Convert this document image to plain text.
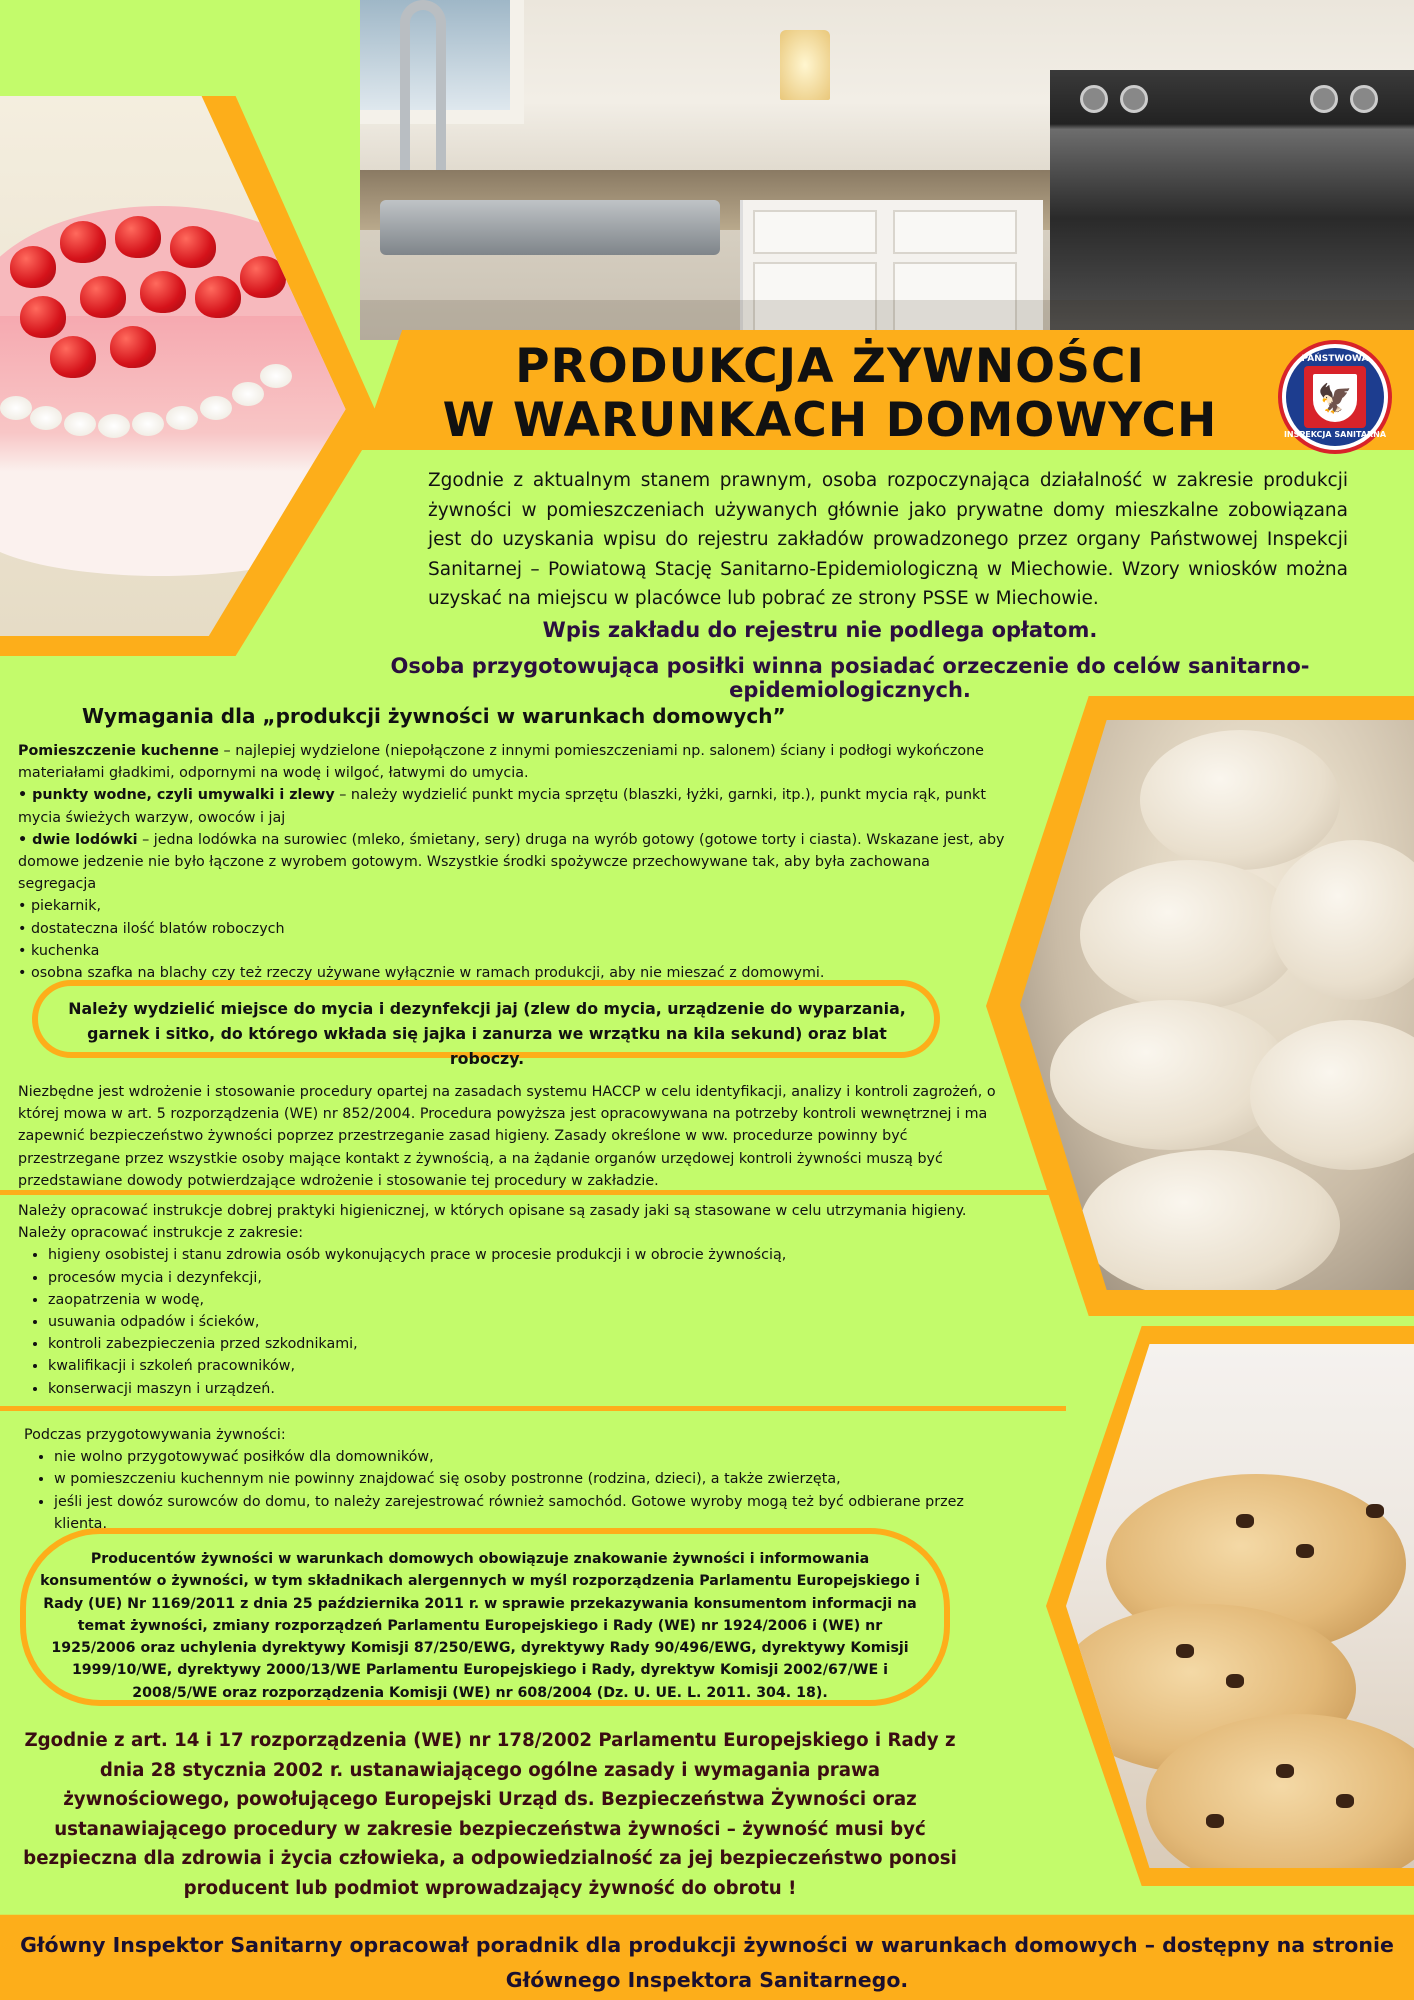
PRODUKCJA ŻYWNOŚCI
W WARUNKACH DOMOWYCH
PAŃSTWOWA
🦅
INSPEKCJA SANITARNA
Zgodnie z aktualnym stanem prawnym, osoba rozpoczynająca działalność w zakresie produkcji żywności w pomieszczeniach używanych głównie jako prywatne domy mieszkalne zobowiązana jest do uzyskania wpisu do rejestru zakładów prowadzonego przez organy Państwowej Inspekcji Sanitarnej – Powiatową Stację Sanitarno-Epidemiologiczną w Miechowie. Wzory wniosków można uzyskać na miejscu w placówce lub pobrać ze strony PSSE w Miechowie.
Wpis zakładu do rejestru nie podlega opłatom.
Osoba przygotowująca posiłki winna posiadać orzeczenie do celów sanitarno-epidemiologicznych.
Wymagania dla „produkcji żywności w warunkach domowych”

Pomieszczenie kuchenne – najlepiej wydzielone (niepołączone z innymi pomieszczeniami np. salonem) ściany i podłogi wykończone materiałami gładkimi, odpornymi na wodę i wilgoć, łatwymi do umycia.

• punkty wodne, czyli umywalki i zlewy – należy wydzielić punkt mycia sprzętu (blaszki, łyżki, garnki, itp.), punkt mycia rąk, punkt mycia świeżych warzyw, owoców i jaj

• dwie lodówki – jedna lodówka na surowiec (mleko, śmietany, sery) druga na wyrób gotowy (gotowe torty i ciasta). Wskazane jest, aby domowe jedzenie nie było łączone z wyrobem gotowym. Wszystkie środki spożywcze przechowywane tak, aby była zachowana segregacja

• piekarnik,

• dostateczna ilość blatów roboczych

• kuchenka

• osobna szafka na blachy czy też rzeczy używane wyłącznie w ramach produkcji, aby nie mieszać z domowymi.

Należy wydzielić miejsce do mycia i dezynfekcji jaj (zlew do mycia, urządzenie do wyparzania, garnek i sitko, do którego wkłada się jajka i zanurza we wrzątku na kila sekund) oraz blat roboczy.
Niezbędne jest wdrożenie i stosowanie procedury opartej na zasadach systemu HACCP w celu identyfikacji, analizy i kontroli zagrożeń, o której mowa w art. 5 rozporządzenia (WE) nr 852/2004. Procedura powyższa jest opracowywana na potrzeby kontroli wewnętrznej i ma zapewnić bezpieczeństwo żywności poprzez przestrzeganie zasad higieny. Zasady określone w ww. procedurze powinny być przestrzegane przez wszystkie osoby mające kontakt z żywnością, a na żądanie organów urzędowej kontroli żywności muszą być przedstawiane dowody potwierdzające wdrożenie i stosowanie tej procedury w zakładzie.
Należy opracować instrukcje dobrej praktyki higienicznej, w których opisane są zasady jaki są stasowane w celu utrzymania higieny.
Należy opracować instrukcje z zakresie:
• higieny osobistej i stanu zdrowia osób wykonujących prace w procesie produkcji i w obrocie żywnością,
• procesów mycia i dezynfekcji,
• zaopatrzenia w wodę,
• usuwania odpadów i ścieków,
• kontroli zabezpieczenia przed szkodnikami,
• kwalifikacji i szkoleń pracowników,
• konserwacji maszyn i urządzeń.
Podczas przygotowywania żywności:
• nie wolno przygotowywać posiłków dla domowników,
• w pomieszczeniu kuchennym nie powinny znajdować się osoby postronne (rodzina, dzieci), a także zwierzęta,
• jeśli jest dowóz surowców do domu, to należy zarejestrować również samochód. Gotowe wyroby mogą też być odbierane przez klienta.
Producentów żywności w warunkach domowych obowiązuje znakowanie żywności i informowania konsumentów o żywności, w tym składnikach alergennych w myśl rozporządzenia Parlamentu Europejskiego i Rady (UE) Nr 1169/2011 z dnia 25 października 2011 r. w sprawie przekazywania konsumentom informacji na temat żywności, zmiany rozporządzeń Parlamentu Europejskiego i Rady (WE) nr 1924/2006 i (WE) nr 1925/2006 oraz uchylenia dyrektywy Komisji 87/250/EWG, dyrektywy Rady 90/496/EWG, dyrektywy Komisji 1999/10/WE, dyrektywy 2000/13/WE Parlamentu Europejskiego i Rady, dyrektyw Komisji 2002/67/WE i 2008/5/WE oraz rozporządzenia Komisji (WE) nr 608/2004 (Dz. U. UE. L. 2011. 304. 18).
Zgodnie z art. 14 i 17 rozporządzenia (WE) nr 178/2002 Parlamentu Europejskiego i Rady z dnia 28 stycznia 2002 r. ustanawiającego ogólne zasady i wymagania prawa żywnościowego, powołującego Europejski Urząd ds. Bezpieczeństwa Żywności oraz ustanawiającego procedury w zakresie bezpieczeństwa żywności – żywność musi być bezpieczna dla zdrowia i życia człowieka, a odpowiedzialność za jej bezpieczeństwo ponosi producent lub podmiot wprowadzający żywność do obrotu !
Główny Inspektor Sanitarny opracował poradnik dla produkcji żywności w warunkach domowych – dostępny na stronie Głównego Inspektora Sanitarnego.
